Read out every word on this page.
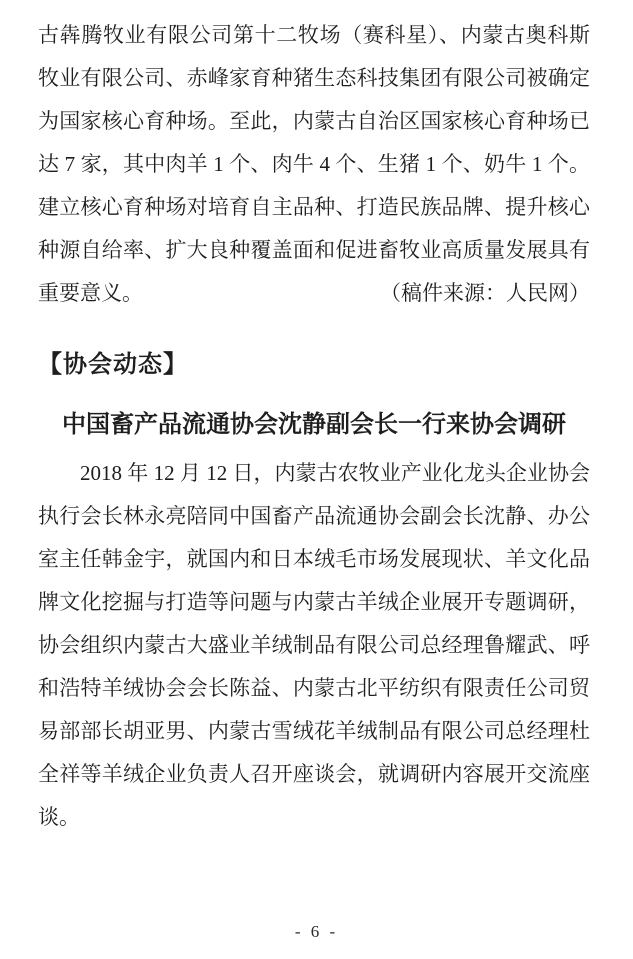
古犇腾牧业有限公司第十二牧场（赛科星）、内蒙古奥科斯
牧业有限公司、赤峰家育种猪生态科技集团有限公司被确定
为国家核心育种场。至此，内蒙古自治区国家核心育种场已
达 7 家，其中肉羊 1 个、肉牛 4 个、生猪 1 个、奶牛 1 个。
建立核心育种场对培育自主品种、打造民族品牌、提升核心
种源自给率、扩大良种覆盖面和促进畜牧业高质量发展具有
重要意义。	（稿件来源：人民网）
【协会动态】
中国畜产品流通协会沈静副会长一行来协会调研
2018 年 12 月 12 日，内蒙古农牧业产业化龙头企业协会
执行会长林永亮陪同中国畜产品流通协会副会长沈静、办公
室主任韩金宇，就国内和日本绒毛市场发展现状、羊文化品
牌文化挖掘与打造等问题与内蒙古羊绒企业展开专题调研，
协会组织内蒙古大盛业羊绒制品有限公司总经理鲁耀武、呼
和浩特羊绒协会会长陈益、内蒙古北平纺织有限责任公司贸
易部部长胡亚男、内蒙古雪绒花羊绒制品有限公司总经理杜
全祥等羊绒企业负责人召开座谈会，就调研内容展开交流座
谈。
- 6 -
